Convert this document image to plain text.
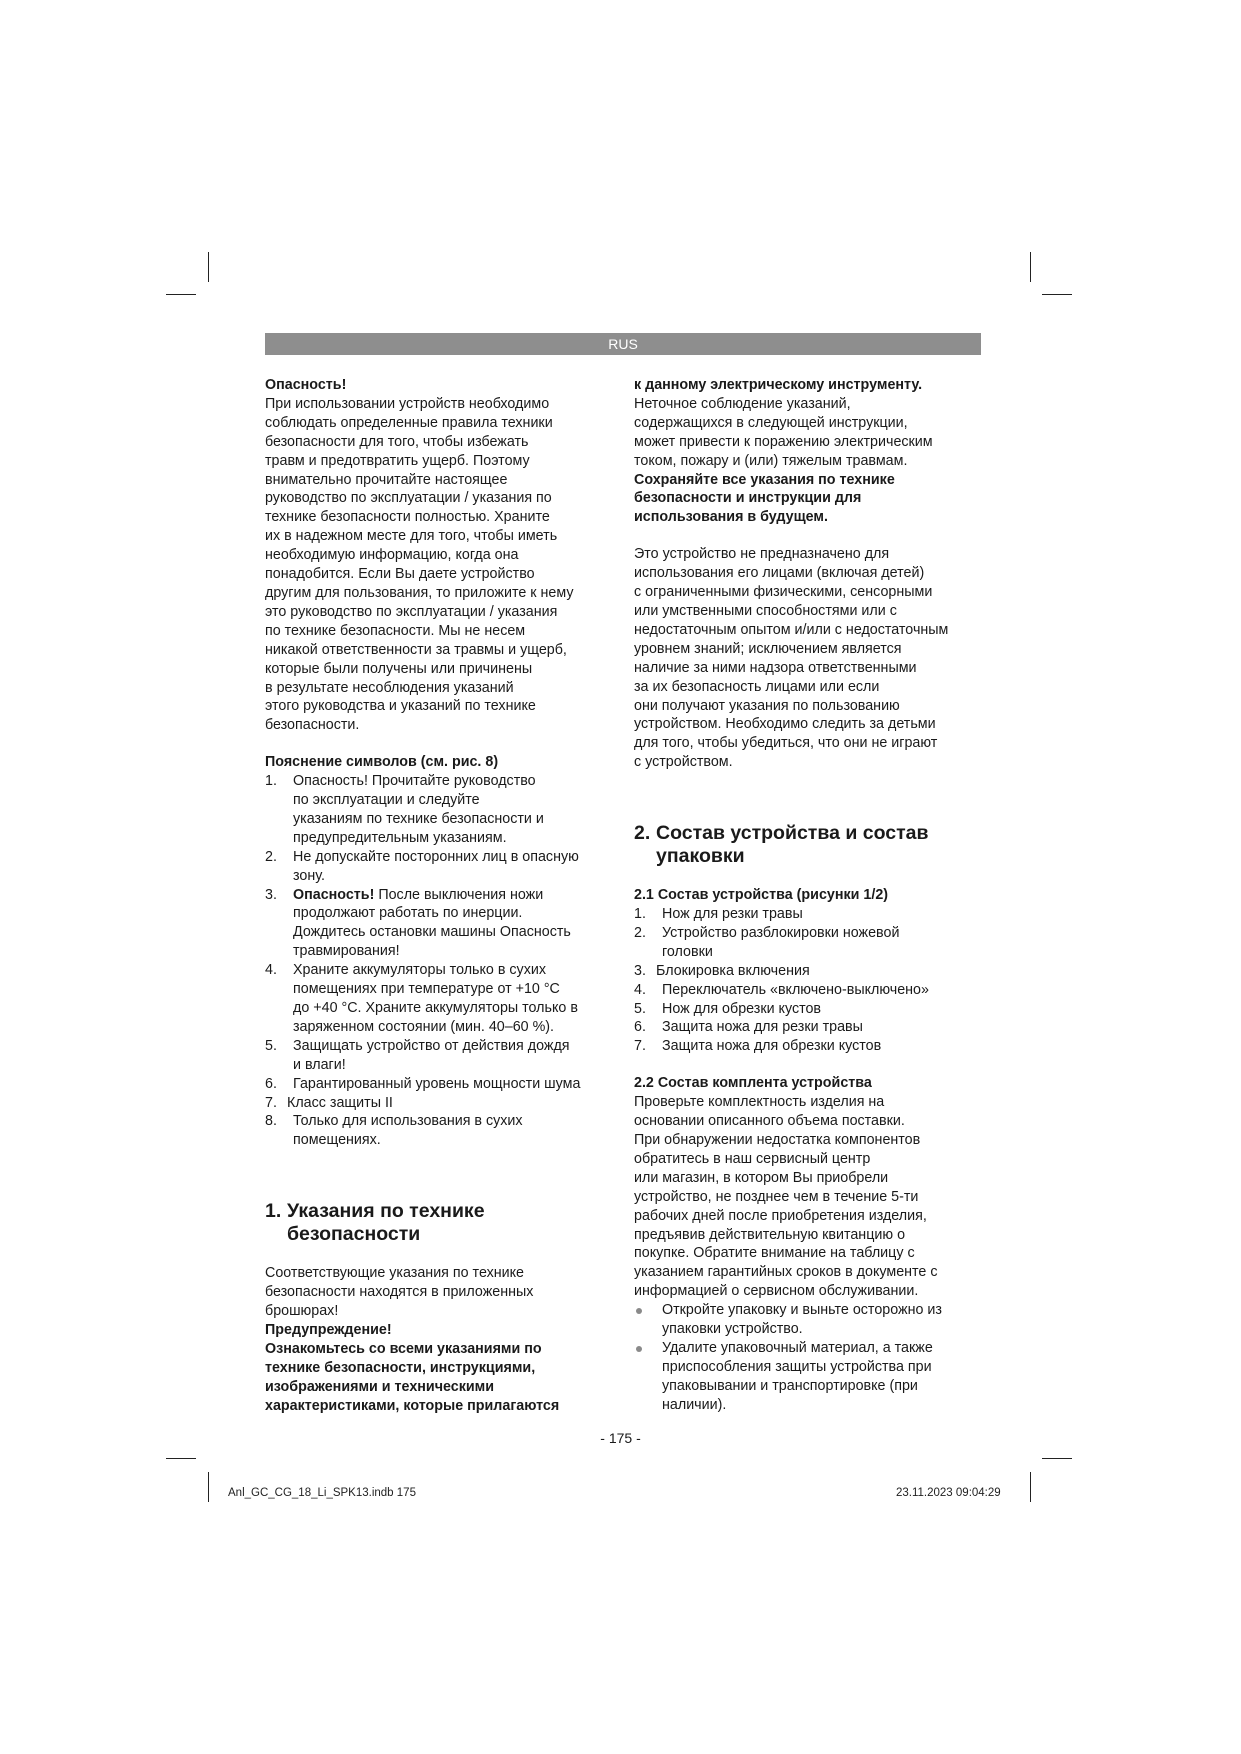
RUS

Опасность!

При использовании устройств необходимо
соблюдать определенные правила техники
безопасности для того, чтобы избежать
травм и предотвратить ущерб. Поэтому
внимательно прочитайте настоящее
руководство по эксплуатации / указания по
технике безопасности полностью. Храните
их в надежном месте для того, чтобы иметь
необходимую информацию, когда она
понадобится. Если Вы даете устройство
другим для пользования, то приложите к нему
это руководство по эксплуатации / указания
по технике безопасности. Мы не несем
никакой ответственности за травмы и ущерб,
которые были получены или причинены
в результате несоблюдения указаний
этого руководства и указаний по технике
безопасности.

Пояснение символов (см. рис. 8)

1. Опасность! Прочитайте руководство
по эксплуатации и следуйте
указаниям по технике безопасности и
предупредительным указаниям.
2. Не допускайте посторонних лиц в опасную
зону.
3. Опасность! После выключения ножи
продолжают работать по инерции.
Дождитесь остановки машины Опасность
травмирования!
4. Храните аккумуляторы только в сухих
помещениях при температуре от +10 °C
до +40 °C. Храните аккумуляторы только в
заряженном состоянии (мин. 40–60 %).
5. Защищать устройство от действия дождя
и влаги!
6. Гарантированный уровень мощности шума
7. Класс защиты II
8. Только для использования в сухих
помещениях.
1. Указания по технике
безопасности

Соответствующие указания по технике
безопасности находятся в приложенных
брошюрах!

Предупреждение!

Ознакомьтесь со всеми указаниями по
технике безопасности, инструкциями,
изображениями и техническими
характеристиками, которые прилагаются

к данному электрическому инструменту.

Неточное соблюдение указаний,
содержащихся в следующей инструкции,
может привести к поражению электрическим
током, пожару и (или) тяжелым травмам.

Сохраняйте все указания по технике
безопасности и инструкции для
использования в будущем.

Это устройство не предназначено для
использования его лицами (включая детей)
с ограниченными физическими, сенсорными
или умственными способностями или с
недостаточным опытом и/или с недостаточным
уровнем знаний; исключением является
наличие за ними надзора ответственными
за их безопасность лицами или если
они получают указания по пользованию
устройством. Необходимо следить за детьми
для того, чтобы убедиться, что они не играют
с устройством.

2. Состав устройства и состав
упаковки

2.1 Состав устройства (рисунки 1/2)

1. Нож для резки травы
2. Устройство разблокировки ножевой
головки
3. Блокировка включения
4. Переключатель «включено-выключено»
5. Нож для обрезки кустов
6. Защита ножа для резки травы
7. Защита ножа для обрезки кустов

2.2 Состав комплента устройства

Проверьте комплектность изделия на
основании описанного объема поставки.
При обнаружении недостатка компонентов
обратитесь в наш сервисный центр
или магазин, в котором Вы приобрели
устройство, не позднее чем в течение 5-ти
рабочих дней после приобретения изделия,
предъявив действительную квитанцию о
покупке. Обратите внимание на таблицу с
указанием гарантийных сроков в документе с
информацией о сервисном обслуживании.

Откройте упаковку и выньте осторожно из
упаковки устройство.
Удалите упаковочный материал, а также
приспособления защиты устройства при
упаковывании и транспортировке (при
наличии).
- 175 -
Anl_GC_CG_18_Li_SPK13.indb 175	23.11.2023 09:04:29
